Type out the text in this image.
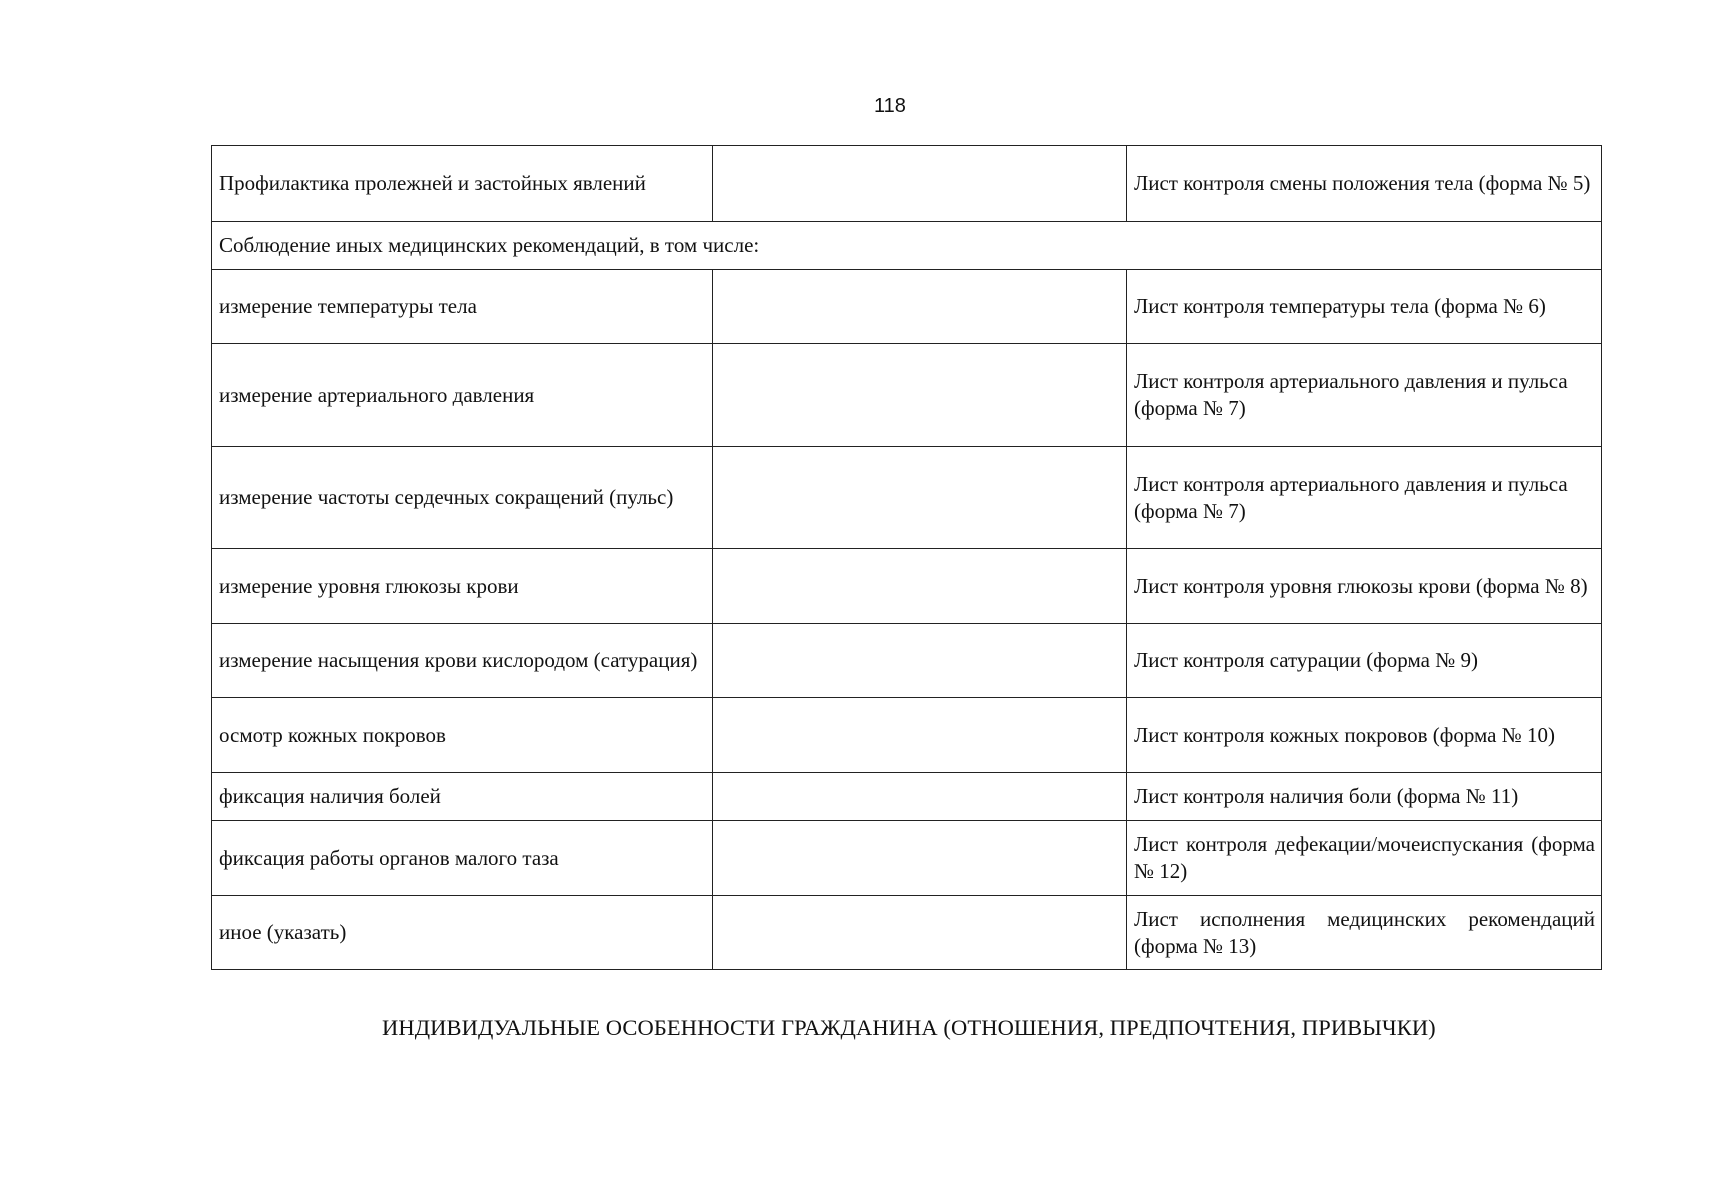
118
Профилактика пролежней и застойных явлений		Лист контроля смены положения тела (форма № 5)

Соблюдение иных медицинских рекомендаций, в том числе:		
измерение температуры тела		Лист контроля температуры тела (форма № 6)

измерение артериального давления		Лист контроля артериального давления и пульса
(форма № 7)

измерение частоты сердечных сокращений (пульс)		Лист контроля артериального давления и пульса
(форма № 7)

измерение уровня глюкозы крови		Лист контроля уровня глюкозы крови (форма № 8)

измерение насыщения крови кислородом (сатурация)		Лист контроля сатурации (форма № 9)

осмотр кожных покровов		Лист контроля кожных покровов (форма № 10)

фиксация наличия болей		Лист контроля наличия боли (форма № 11)

фиксация работы органов малого таза		Лист контроля дефекации/мочеиспускания (форма № 12)

иное (указать)		Лист исполнения медицинских рекомендаций (форма № 13)
ИНДИВИДУАЛЬНЫЕ ОСОБЕННОСТИ ГРАЖДАНИНА (ОТНОШЕНИЯ, ПРЕДПОЧТЕНИЯ, ПРИВЫЧКИ)
